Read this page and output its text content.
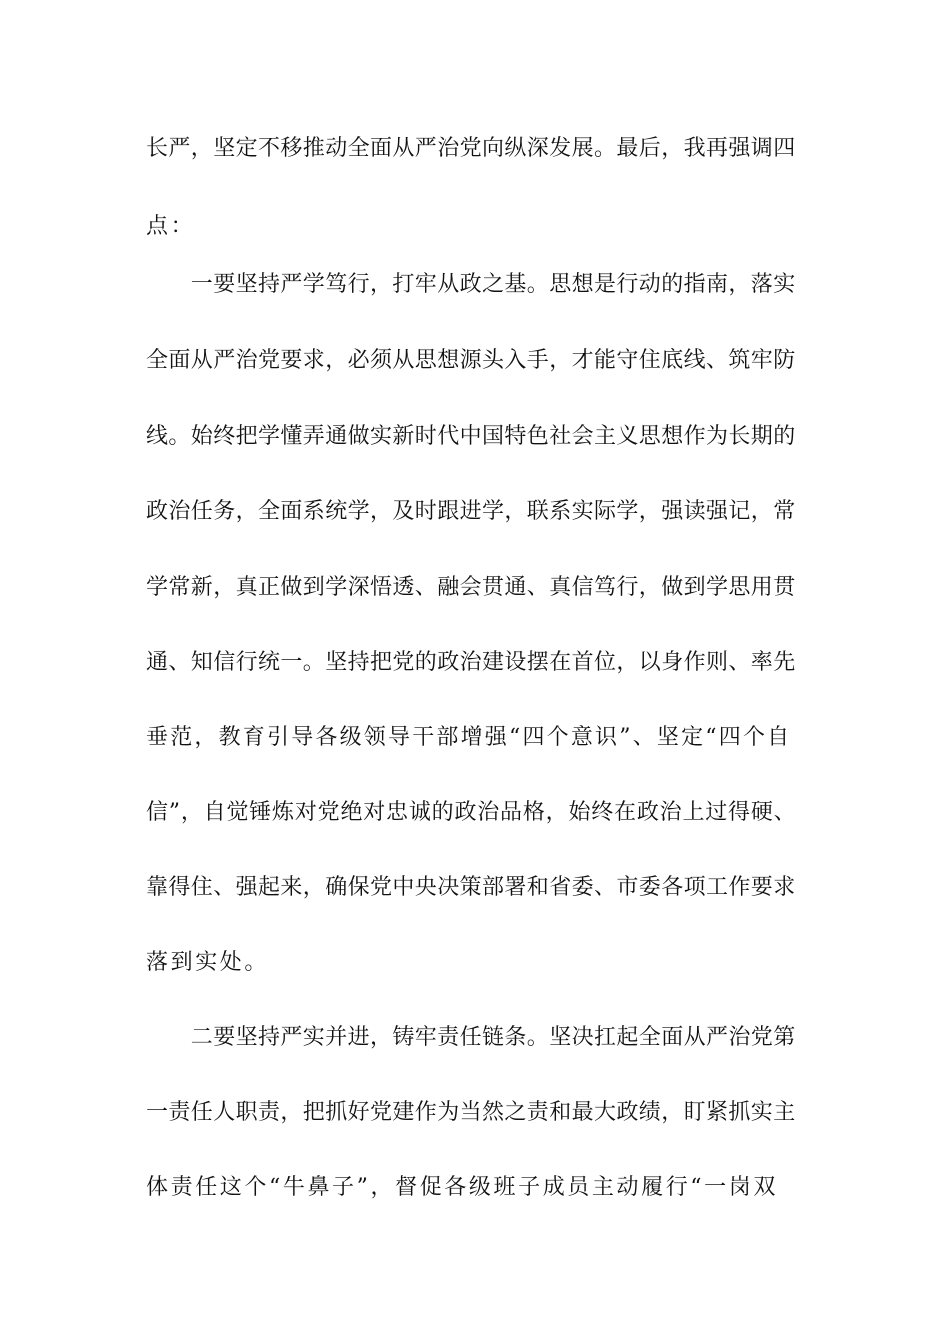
长严，坚定不移推动全面从严治党向纵深发展。最后，我再强调四
点：
　　一要坚持严学笃行，打牢从政之基。思想是行动的指南，落实
全面从严治党要求，必须从思想源头入手，才能守住底线、筑牢防
线。始终把学懂弄通做实新时代中国特色社会主义思想作为长期的
政治任务，全面系统学，及时跟进学，联系实际学，强读强记，常
学常新，真正做到学深悟透、融会贯通、真信笃行，做到学思用贯
通、知信行统一。坚持把党的政治建设摆在首位，以身作则、率先
垂范，教育引导各级领导干部增强“四个意识”、坚定“四个自
信”，自觉锤炼对党绝对忠诚的政治品格，始终在政治上过得硬、
靠得住、强起来，确保党中央决策部署和省委、市委各项工作要求
落到实处。
　　二要坚持严实并进，铸牢责任链条。坚决扛起全面从严治党第
一责任人职责，把抓好党建作为当然之责和最大政绩，盯紧抓实主
体责任这个“牛鼻子”，督促各级班子成员主动履行“一岗双
